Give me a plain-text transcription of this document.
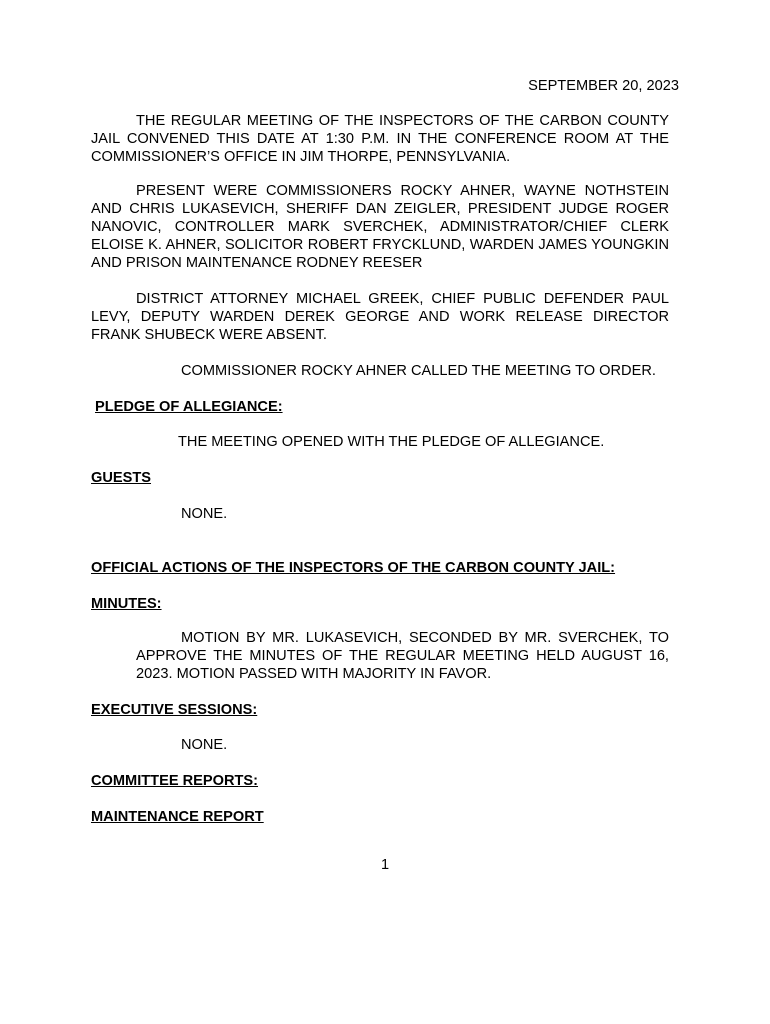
SEPTEMBER 20, 2023
THE REGULAR MEETING OF THE INSPECTORS OF THE CARBON COUNTY JAIL CONVENED THIS DATE AT 1:30 P.M. IN THE CONFERENCE ROOM AT THE COMMISSIONER’S OFFICE IN JIM THORPE, PENNSYLVANIA.
PRESENT WERE COMMISSIONERS ROCKY AHNER, WAYNE NOTHSTEIN AND CHRIS LUKASEVICH, SHERIFF DAN ZEIGLER, PRESIDENT JUDGE ROGER NANOVIC, CONTROLLER MARK SVERCHEK, ADMINISTRATOR/CHIEF CLERK ELOISE K. AHNER, SOLICITOR ROBERT FRYCKLUND, WARDEN JAMES YOUNGKIN AND PRISON MAINTENANCE RODNEY REESER
DISTRICT ATTORNEY MICHAEL GREEK, CHIEF PUBLIC DEFENDER PAUL LEVY, DEPUTY WARDEN DEREK GEORGE AND WORK RELEASE DIRECTOR FRANK SHUBECK WERE ABSENT.
COMMISSIONER ROCKY AHNER CALLED THE MEETING TO ORDER.
PLEDGE OF ALLEGIANCE:
THE MEETING OPENED WITH THE PLEDGE OF ALLEGIANCE.
GUESTS
NONE.
OFFICIAL ACTIONS OF THE INSPECTORS OF THE CARBON COUNTY JAIL:
MINUTES:
MOTION BY MR. LUKASEVICH, SECONDED BY MR. SVERCHEK, TO APPROVE THE MINUTES OF THE REGULAR MEETING HELD AUGUST 16, 2023. MOTION PASSED WITH MAJORITY IN FAVOR.
EXECUTIVE SESSIONS:
NONE.
COMMITTEE REPORTS:
MAINTENANCE REPORT
1
